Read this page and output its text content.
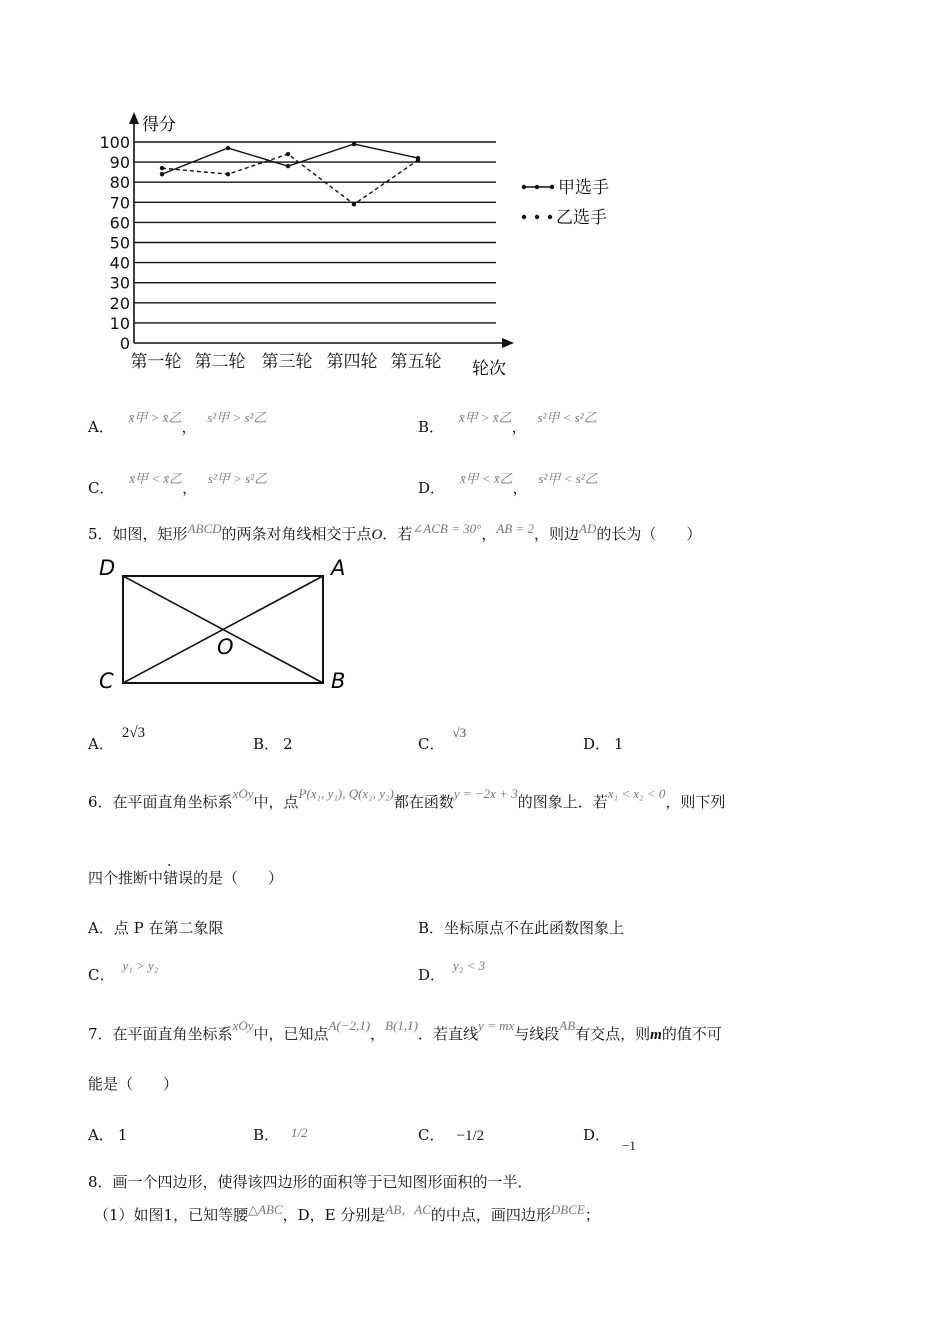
0
10
20
30
40
50
60
70
80
90
100
第一轮 第二轮 第三轮 第四轮 第五轮
甲选手
乙选手
得分
轮次
A． x̄甲 > x̄乙， s²甲 > s²乙
B． x̄甲 > x̄乙， s²甲 < s²乙
C． x̄甲 < x̄乙， s²甲 > s²乙
D． x̄甲 < x̄乙， s²甲 < s²乙
5．如图，矩形ABCD的两条对角线相交于点O．若∠ACB = 30°，AB = 2，则边AD的长为（　　）
D	A
C	B
O
A．2√3
B． 2	C．√3
D． 1
6．在平面直角坐标系xOy中，点P(x₁, y₁), Q(x₂, y₂)都在函数y = −2x + 3的图象上．若x₁ < x₂ < 0，则下列
四个推断中错误的是（　　）
A．点 P 在第二象限	B．坐标原点不在此函数图象上
C．y₁ > y₂
D．y₂ < 3
7．在平面直角坐标系xOy中，已知点A(−2,1)，B(1,1)．若直线y = mx与线段AB有交点，则m的值不可
能是（　　）
A． 1	B． 1/2	C． −1/2	D．−1
8．画一个四边形，使得该四边形的面积等于已知图形面积的一半．
（1）如图1，已知等腰△ABC，D，E 分别是AB，AC的中点，画四边形DBCE；
